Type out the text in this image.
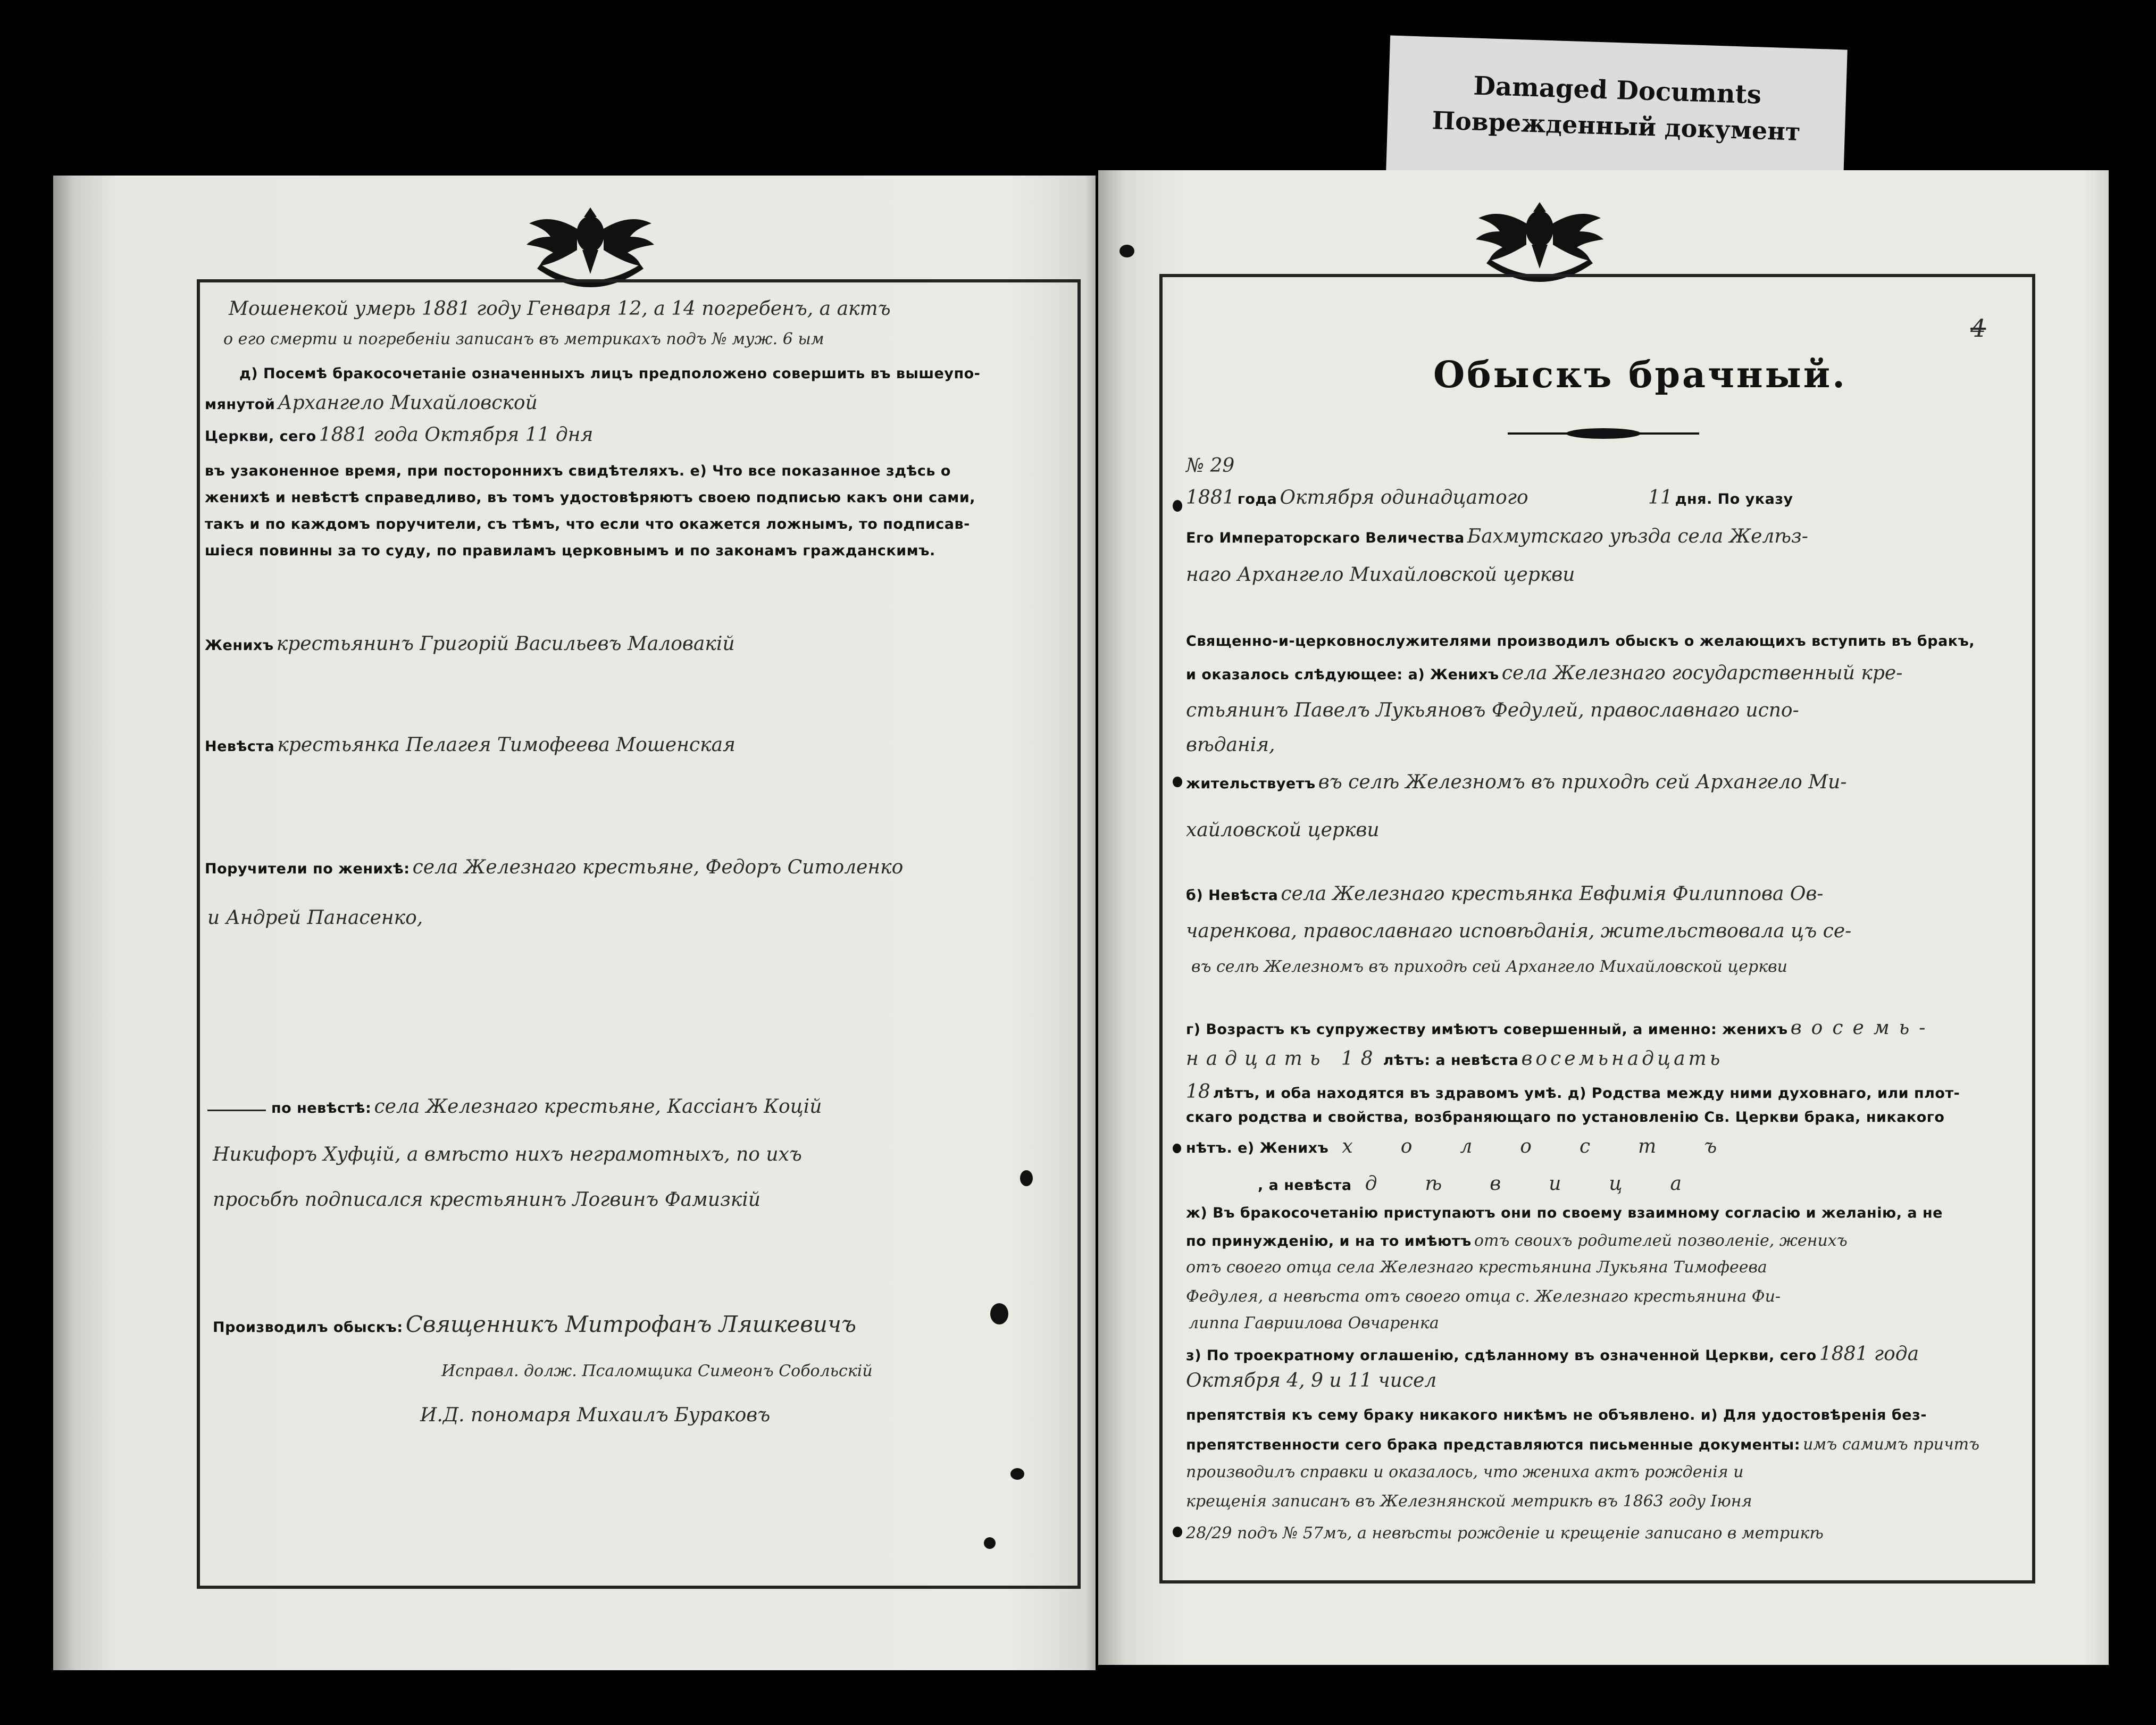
Damaged Documnts
Поврежденный документ
Мошенекой умерь 1881 году Генваря 12, а 14 погребенъ, а актъ
о его смерти и погребеніи записанъ въ метрикахъ подъ № муж. 6 ым
д) Посемѣ бракосочетаніе означенныхъ лицъ предположено совершить въ вышеупо-
мянутой Архангело Михайловской
Церкви, сего 1881 года Октября 11 дня
въ узаконенное время, при постороннихъ свидѣтеляхъ. е) Что все показанное здѣсь о
женихѣ и невѣстѣ справедливо, въ томъ удостовѣряютъ своею подписью какъ они сами,
такъ и по каждомъ поручители, съ тѣмъ, что если что окажется ложнымъ, то подписав-
шіеся повинны за то суду, по правиламъ церковнымъ и по законамъ гражданскимъ.
Женихъ крестьянинъ Григорій Васильевъ Маловакій
Невѣста крестьянка Пелагея Тимофеева Мошенская
Поручители по женихѣ: села Железнаго крестьяне, Федоръ Ситоленко
и Андрей Панасенко,
по невѣстѣ: села Железнаго крестьяне, Кассіанъ Коцій
Никифоръ Хуфцій, а вмѣсто нихъ неграмотныхъ, по ихъ
просьбѣ подписался крестьянинъ Логвинъ Фамизкій
Производилъ обыскъ: Священникъ Митрофанъ Ляшкевичъ
Исправл. долж. Псаломщика Симеонъ Собольскій
И.Д. пономаря Михаилъ Бураковъ
4
Обыскъ брачный.
№ 29
1881 года Октября одинадцатого	11 дня. По указу
Его Императорскаго Величества Бахмутскаго уѣзда села Желѣз-
наго Архангело Михайловской церкви
Священно-и-церковнослужителями производилъ обыскъ о желающихъ вступить въ бракъ,
и оказалось слѣдующее: а) Женихъ села Железнаго государственный кре-
стьянинъ Павелъ Лукьяновъ Федулей, православнаго испо-
вѣданія,
жительствуетъ въ селѣ Железномъ въ приходѣ сей Архангело Ми-
хайловской церкви
б) Невѣста села Железнаго крестьянка Евфимія Филиппова Ов-
чаренкова, православнаго исповѣданія, жительствовала цъ се-
въ селѣ Железномъ въ приходѣ сей Архангело Михайловской церкви
г) Возрастъ къ супружеству имѣютъ совершенный, а именно: женихъ восемь-
надцать 18 лѣтъ: а невѣста восемьнадцать
18 лѣтъ, и оба находятся въ здравомъ умѣ. д) Родства между ними духовнаго, или плот-
скаго родства и свойства, возбраняющаго по установленію Св. Церкви брака, никакого
нѣтъ. е) Женихъ холостъ
, а невѣста дѣвица
ж) Въ бракосочетанію приступаютъ они по своему взаимному согласію и желанію, а не
по принужденію, и на то имѣютъ отъ своихъ родителей позволеніе, женихъ
отъ своего отца села Железнаго крестьянина Лукьяна Тимофеева
Федулея, а невѣста отъ своего отца с. Железнаго крестьянина Фи-
липпа Гавриилова Овчаренка
з) По троекратному оглашенію, сдѣланному въ означенной Церкви, сего 1881 года
Октября 4, 9 и 11 чисел
препятствія къ сему браку никакого никѣмъ не объявлено. и) Для удостовѣренія без-
препятственности сего брака представляются письменные документы: имъ самимъ причтъ
производилъ справки и оказалось, что жениха актъ рожденія и
крещенія записанъ въ Железнянской метрикѣ въ 1863 году Іюня
28/29 подъ № 57мъ, а невѣсты рожденіе и крещеніе записано в метрикѣ
